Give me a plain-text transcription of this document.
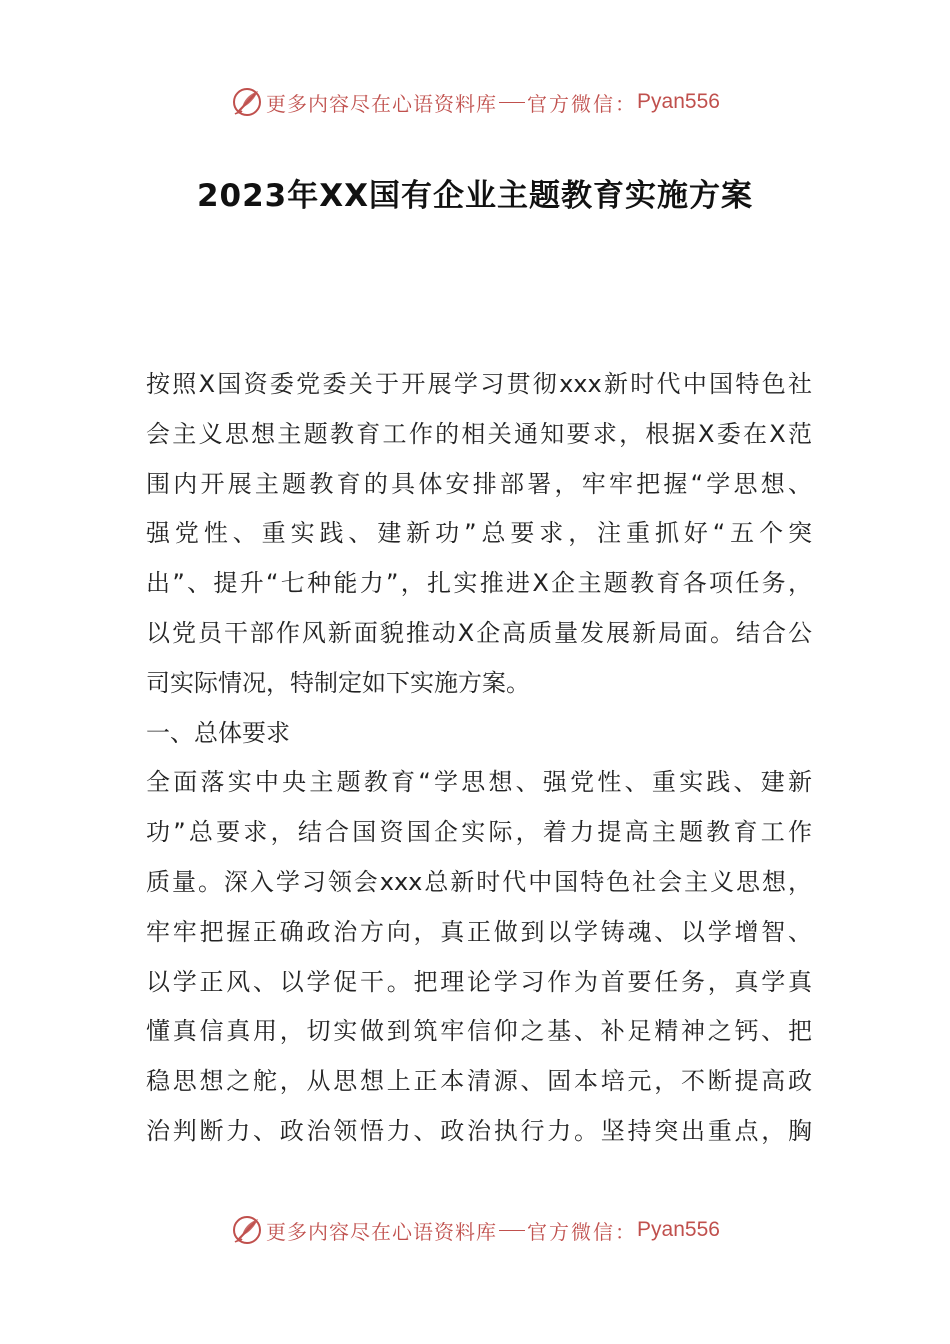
更多内容尽在心语资料库 官方微信： Pyan556
2023年XX国有企业主题教育实施方案
按照X国资委党委关于开展学习贯彻xxx新时代中国特色社
会主义思想主题教育工作的相关通知要求，根据X委在X范
围内开展主题教育的具体安排部署，牢牢把握“学思想、
强党性、重实践、建新功”总要求，注重抓好“五个突
出”、提升“七种能力”，扎实推进X企主题教育各项任务，
以党员干部作风新面貌推动X企高质量发展新局面。结合公
司实际情况，特制定如下实施方案。
一、总体要求
全面落实中央主题教育“学思想、强党性、重实践、建新
功”总要求，结合国资国企实际，着力提高主题教育工作
质量。深入学习领会xxx总新时代中国特色社会主义思想，
牢牢把握正确政治方向，真正做到以学铸魂、以学增智、
以学正风、以学促干。把理论学习作为首要任务，真学真
懂真信真用，切实做到筑牢信仰之基、补足精神之钙、把
稳思想之舵，从思想上正本清源、固本培元，不断提高政
治判断力、政治领悟力、政治执行力。坚持突出重点，胸
更多内容尽在心语资料库 官方微信： Pyan556
